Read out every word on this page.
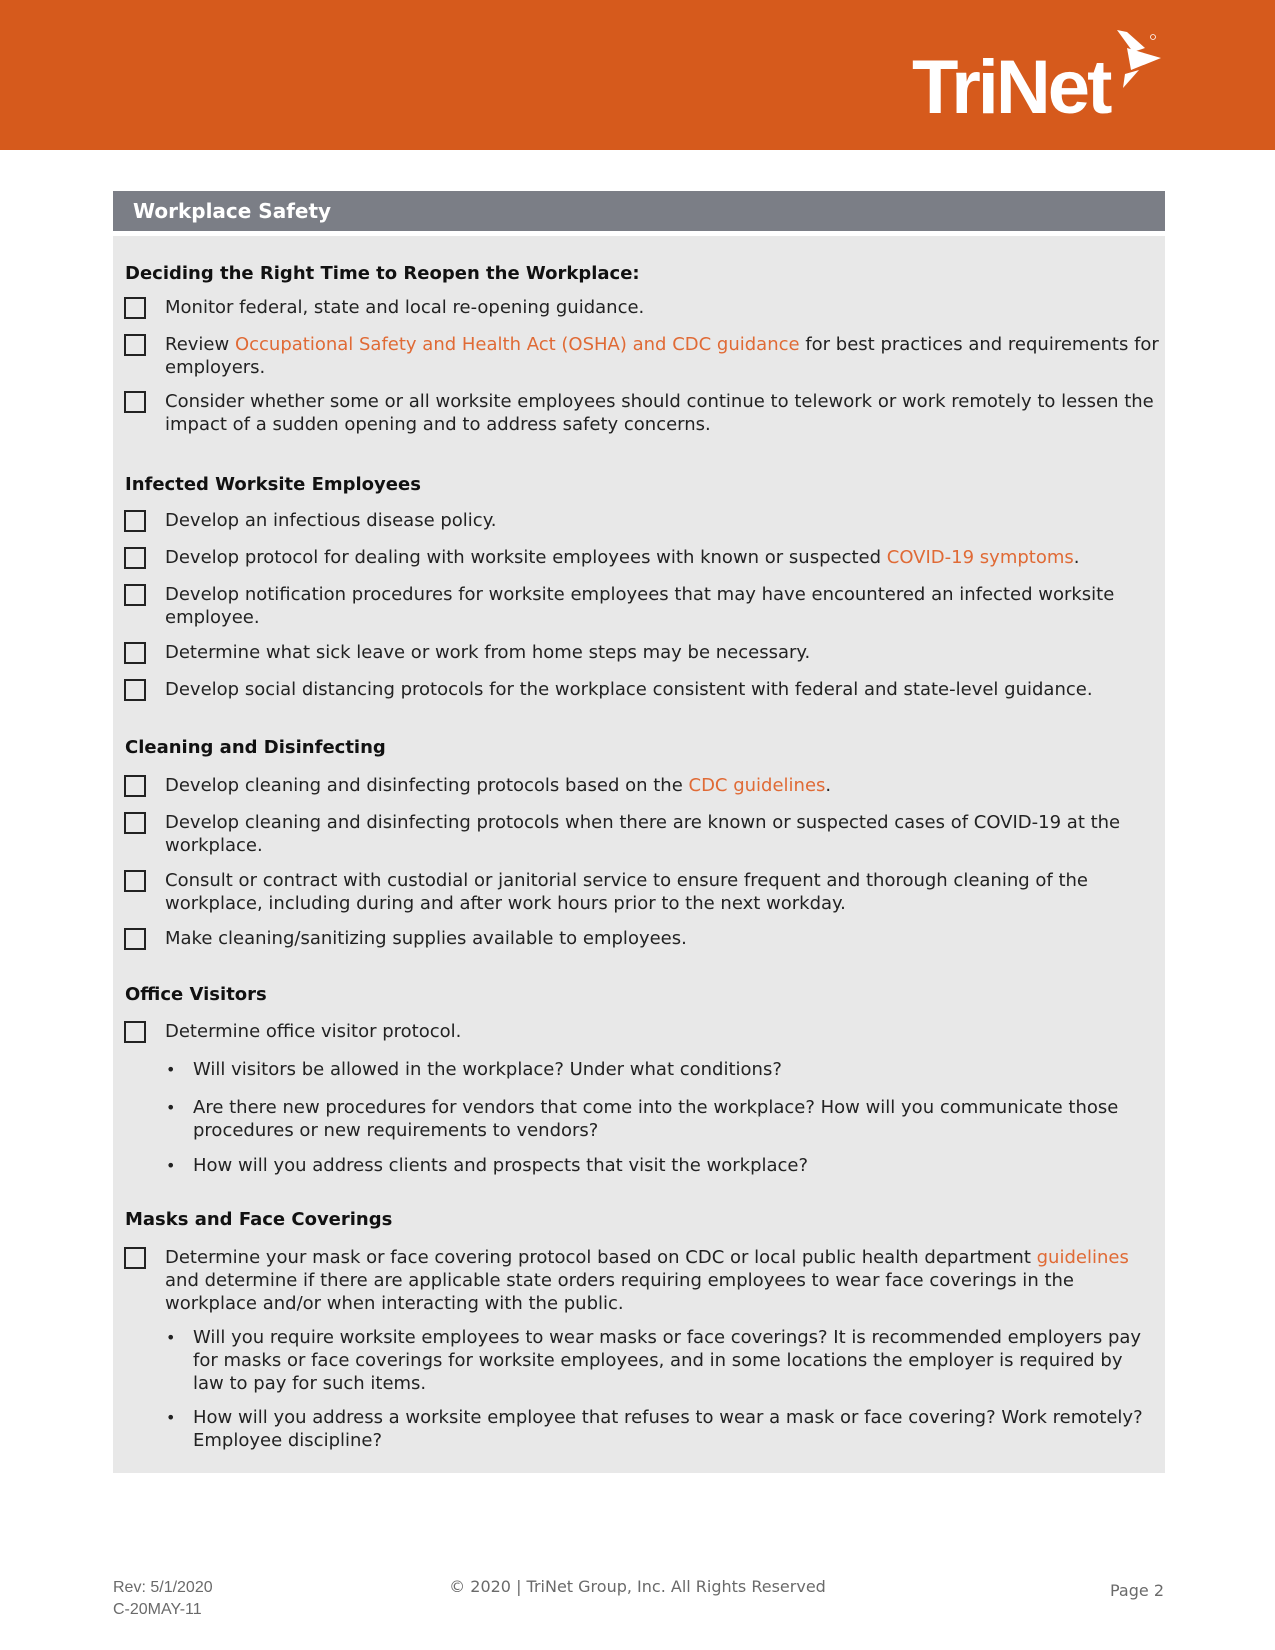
TriNet
Workplace Safety
Deciding the Right Time to Reopen the Workplace:
Monitor federal, state and local re-opening guidance.
Review Occupational Safety and Health Act (OSHA) and CDC guidance for best practices and requirements for employers.
Consider whether some or all worksite employees should continue to telework or work remotely to lessen the impact of a sudden opening and to address safety concerns.
Infected Worksite Employees
Develop an infectious disease policy.
Develop protocol for dealing with worksite employees with known or suspected COVID-19 symptoms.
Develop notification procedures for worksite employees that may have encountered an infected worksite employee.
Determine what sick leave or work from home steps may be necessary.
Develop social distancing protocols for the workplace consistent with federal and state-level guidance.
Cleaning and Disinfecting
Develop cleaning and disinfecting protocols based on the CDC guidelines.
Develop cleaning and disinfecting protocols when there are known or suspected cases of COVID-19 at the workplace.
Consult or contract with custodial or janitorial service to ensure frequent and thorough cleaning of the workplace, including during and after work hours prior to the next workday.
Make cleaning/sanitizing supplies available to employees.
Office Visitors
Determine office visitor protocol.
• Will visitors be allowed in the workplace? Under what conditions?
• Are there new procedures for vendors that come into the workplace? How will you communicate those procedures or new requirements to vendors?
• How will you address clients and prospects that visit the workplace?
Masks and Face Coverings
Determine your mask or face covering protocol based on CDC or local public health department guidelines and determine if there are applicable state orders requiring employees to wear face coverings in the workplace and/or when interacting with the public.
• Will you require worksite employees to wear masks or face coverings? It is recommended employers pay for masks or face coverings for worksite employees, and in some locations the employer is required by law to pay for such items.
• How will you address a worksite employee that refuses to wear a mask or face covering? Work remotely? Employee discipline?
Rev: 5/1/2020
C-20MAY-11
© 2020 | TriNet Group, Inc. All Rights Reserved	Page 2
